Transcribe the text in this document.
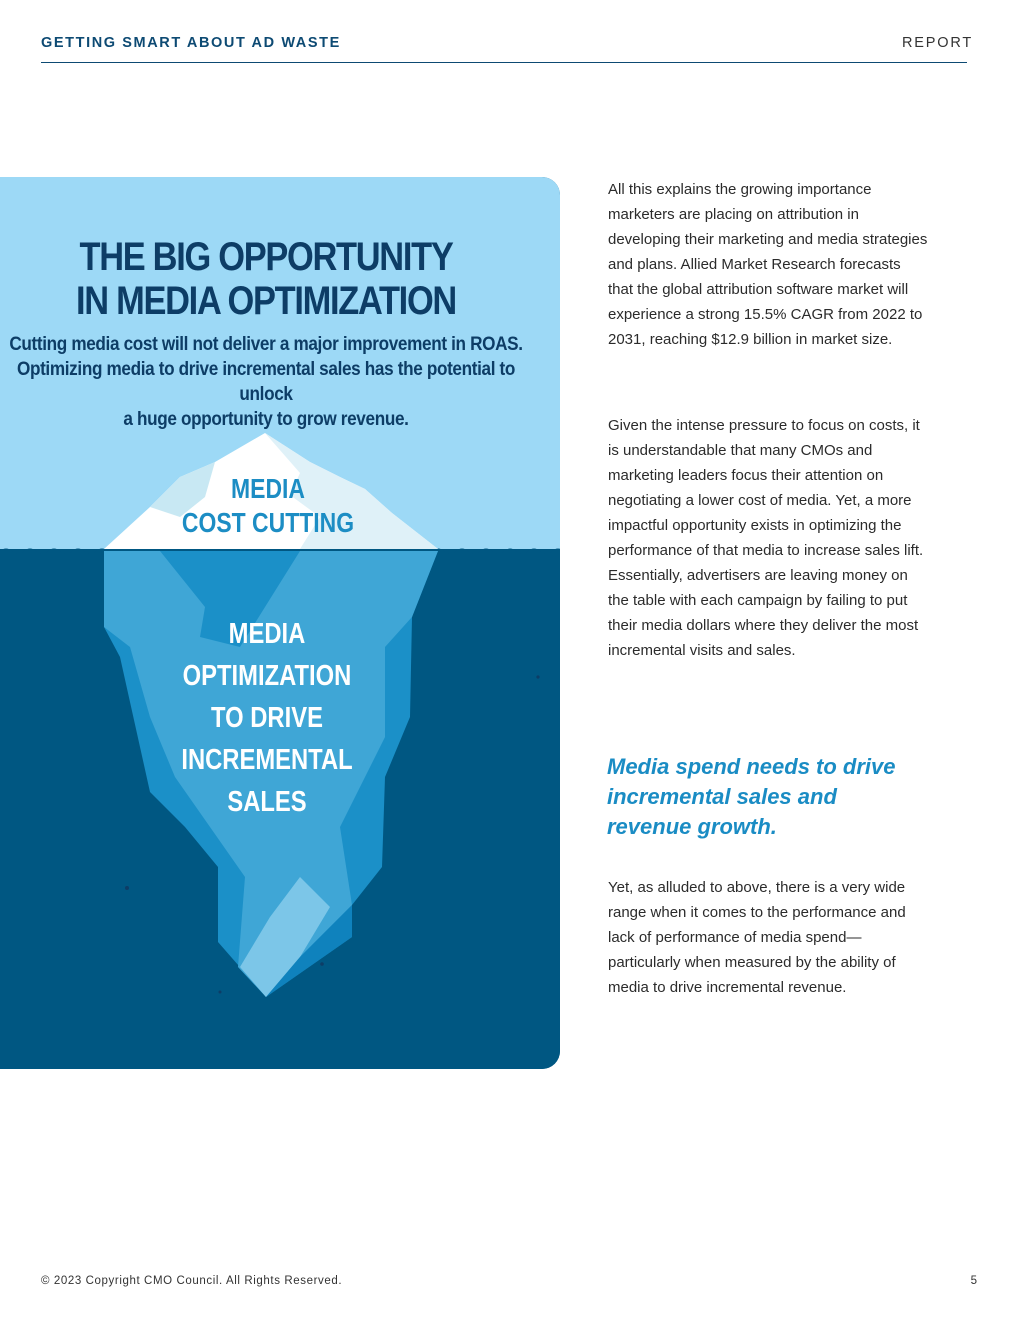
GETTING SMART ABOUT AD WASTE	REPORT
THE BIG OPPORTUNITY
IN MEDIA OPTIMIZATION
Cutting media cost will not deliver a major improvement in ROAS.
Optimizing media to drive incremental sales has the potential to unlock
a huge opportunity to grow revenue.
MEDIA
COST CUTTING
MEDIA
OPTIMIZATION
TO DRIVE
INCREMENTAL
SALES

All this explains the growing importance marketers are placing on attribution in developing their marketing and media strategies and plans. Allied Market Research forecasts that the global attribution software market will experience a strong 15.5% CAGR from 2022 to 2031, reaching $12.9 billion in market size.

Given the intense pressure to focus on costs, it is understandable that many CMOs and marketing leaders focus their attention on negotiating a lower cost of media. Yet, a more impactful opportunity exists in optimizing the performance of that media to increase sales lift. Essentially, advertisers are leaving money on the table with each campaign by failing to put their media dollars where they deliver the most incremental visits and sales.

Media spend needs to drive incremental sales and revenue growth.

Yet, as alluded to above, there is a very wide range when it comes to the performance and lack of performance of media spend—particularly when measured by the ability of media to drive incremental revenue.

© 2023 Copyright CMO Council. All Rights Reserved.	5
